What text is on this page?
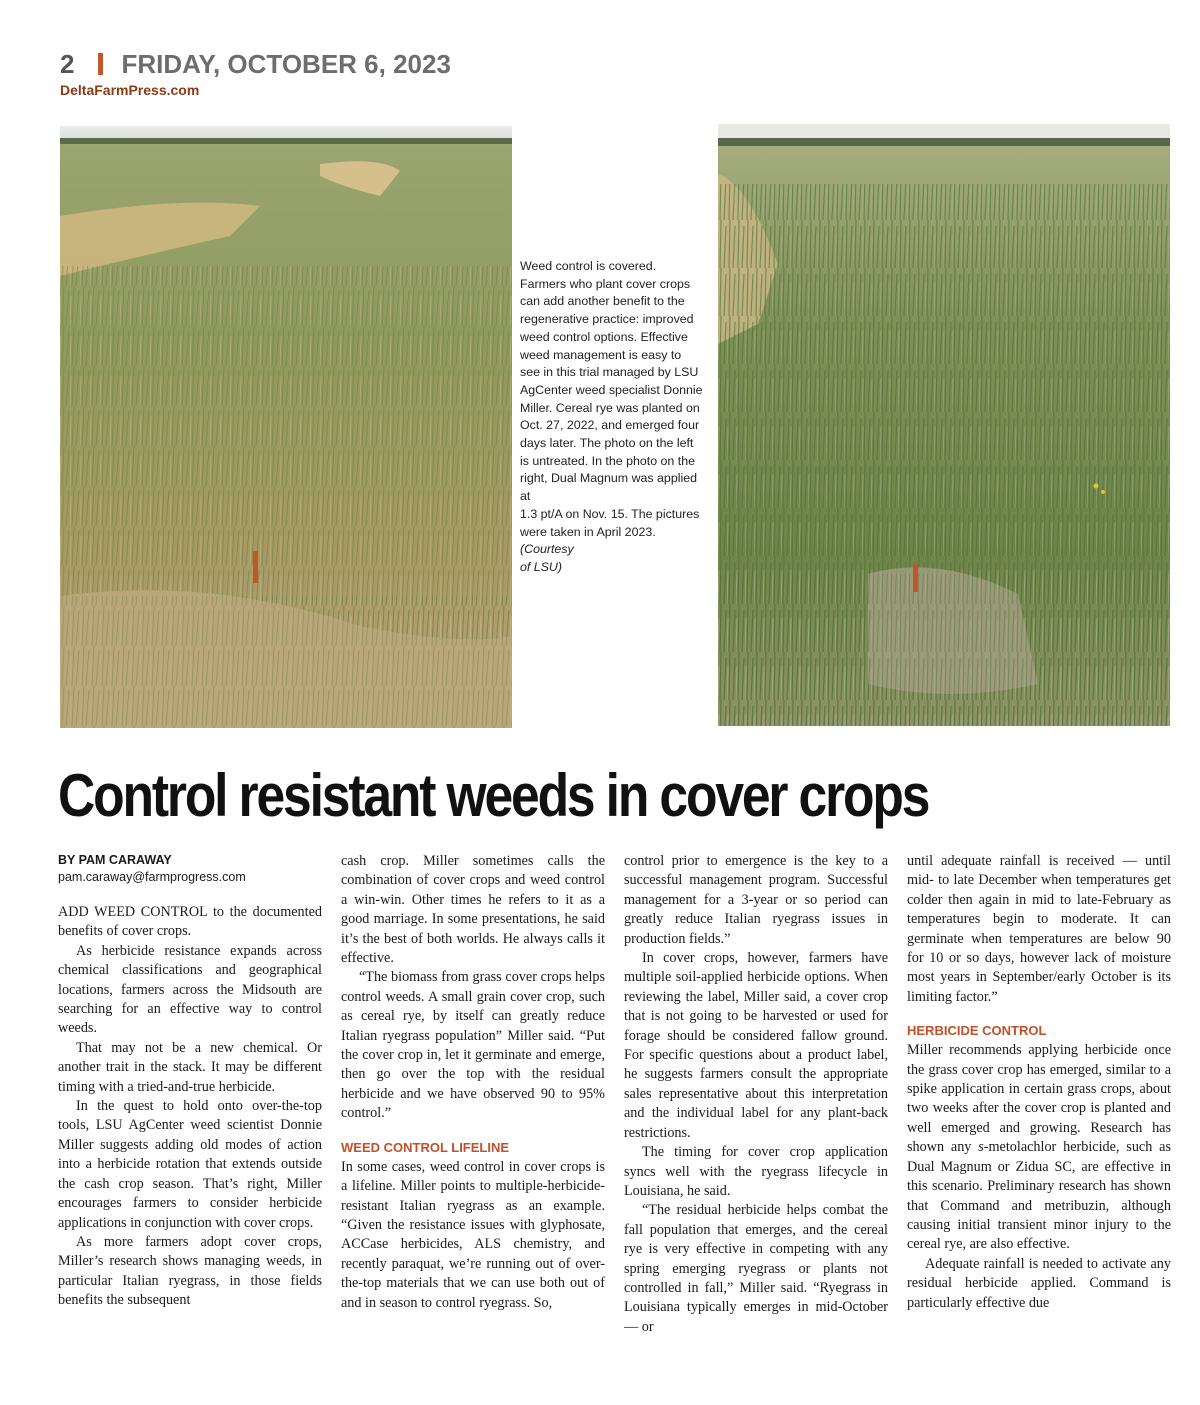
2 FRIDAY, OCTOBER 6, 2023
DeltaFarmPress.com
Weed control is covered.
Farmers who plant cover crops
can add another benefit to the
regenerative practice: improved
weed control options. Effective
weed management is easy to
see in this trial managed by LSU
AgCenter weed specialist Donnie
Miller. Cereal rye was planted on
Oct. 27, 2022, and emerged four
days later. The photo on the left
is untreated. In the photo on the
right, Dual Magnum was applied at
1.3 pt/A on Nov. 15. The pictures
were taken in April 2023. (Courtesy
of LSU)
Control resistant weeds in cover crops
BY PAM CARAWAY
pam.caraway@farmprogress.com

ADD WEED CONTROL to the documented benefits of cover crops.

As herbicide resistance expands across chemical classifications and geographical locations, farmers across the Midsouth are searching for an effective way to control weeds.

That may not be a new chemical. Or another trait in the stack. It may be different timing with a tried-and-true herbicide.

In the quest to hold onto over-the-top tools, LSU AgCenter weed scientist Donnie Miller suggests adding old modes of action into a herbicide rotation that extends outside the cash crop season. That’s right, Miller encourages farmers to consider herbicide applications in conjunction with cover crops.

As more farmers adopt cover crops, Miller’s research shows managing weeds, in particular Italian ryegrass, in those fields benefits the subsequent

cash crop. Miller sometimes calls the combination of cover crops and weed control a win-win. Other times he refers to it as a good marriage. In some presentations, he said it’s the best of both worlds. He always calls it effective.

“The biomass from grass cover crops helps control weeds. A small grain cover crop, such as cereal rye, by itself can greatly reduce Italian ryegrass population” Miller said. “Put the cover crop in, let it germinate and emerge, then go over the top with the residual herbicide and we have observed 90 to 95% control.”

WEED CONTROL LIFELINE

In some cases, weed control in cover crops is a lifeline. Miller points to multiple-herbicide-resistant Italian ryegrass as an example. “Given the resistance issues with glyphosate, ACCase herbicides, ALS chemistry, and recently paraquat, we’re running out of over-the-top materials that we can use both out of and in season to control ryegrass. So,

control prior to emergence is the key to a successful management program. Successful management for a 3-year or so period can greatly reduce Italian ryegrass issues in production fields.”

In cover crops, however, farmers have multiple soil-applied herbicide options. When reviewing the label, Miller said, a cover crop that is not going to be harvested or used for forage should be considered fallow ground. For specific questions about a product label, he suggests farmers consult the appropriate sales representative about this interpretation and the individual label for any plant-back restrictions.

The timing for cover crop application syncs well with the ryegrass lifecycle in Louisiana, he said.

“The residual herbicide helps combat the fall population that emerges, and the cereal rye is very effective in competing with any spring emerging ryegrass or plants not controlled in fall,” Miller said. “Ryegrass in Louisiana typically emerges in mid-October — or

until adequate rainfall is received — until mid- to late December when temperatures get colder then again in mid to late-February as temperatures begin to moderate. It can germinate when temperatures are below 90 for 10 or so days, however lack of moisture most years in September/early October is its limiting factor.”

HERBICIDE CONTROL

Miller recommends applying herbicide once the grass cover crop has emerged, similar to a spike application in certain grass crops, about two weeks after the cover crop is planted and well emerged and growing. Research has shown any s-metolachlor herbicide, such as Dual Magnum or Zidua SC, are effective in this scenario. Preliminary research has shown that Command and metribuzin, although causing initial transient minor injury to the cereal rye, are also effective.

Adequate rainfall is needed to activate any residual herbicide applied. Command is particularly effective due
